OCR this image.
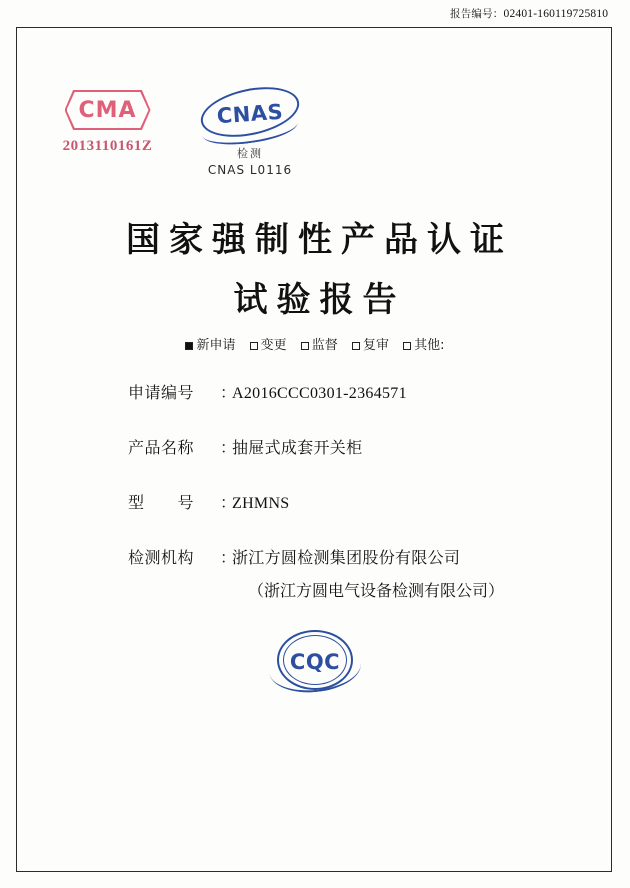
报告编号：02401-160119725810
CMA
2013110161Z
CNAS
检测
CNAS L0116
国家强制性产品认证
试验报告
新申请 变更 监督 复审 其他:
申请编号	：
A2016CCC0301-2364571
产品名称	：
抽屉式成套开关柜
型　　号	：
ZHMNS
检测机构	：
浙江方圆检测集团股份有限公司
（浙江方圆电气设备检测有限公司）
CQC
